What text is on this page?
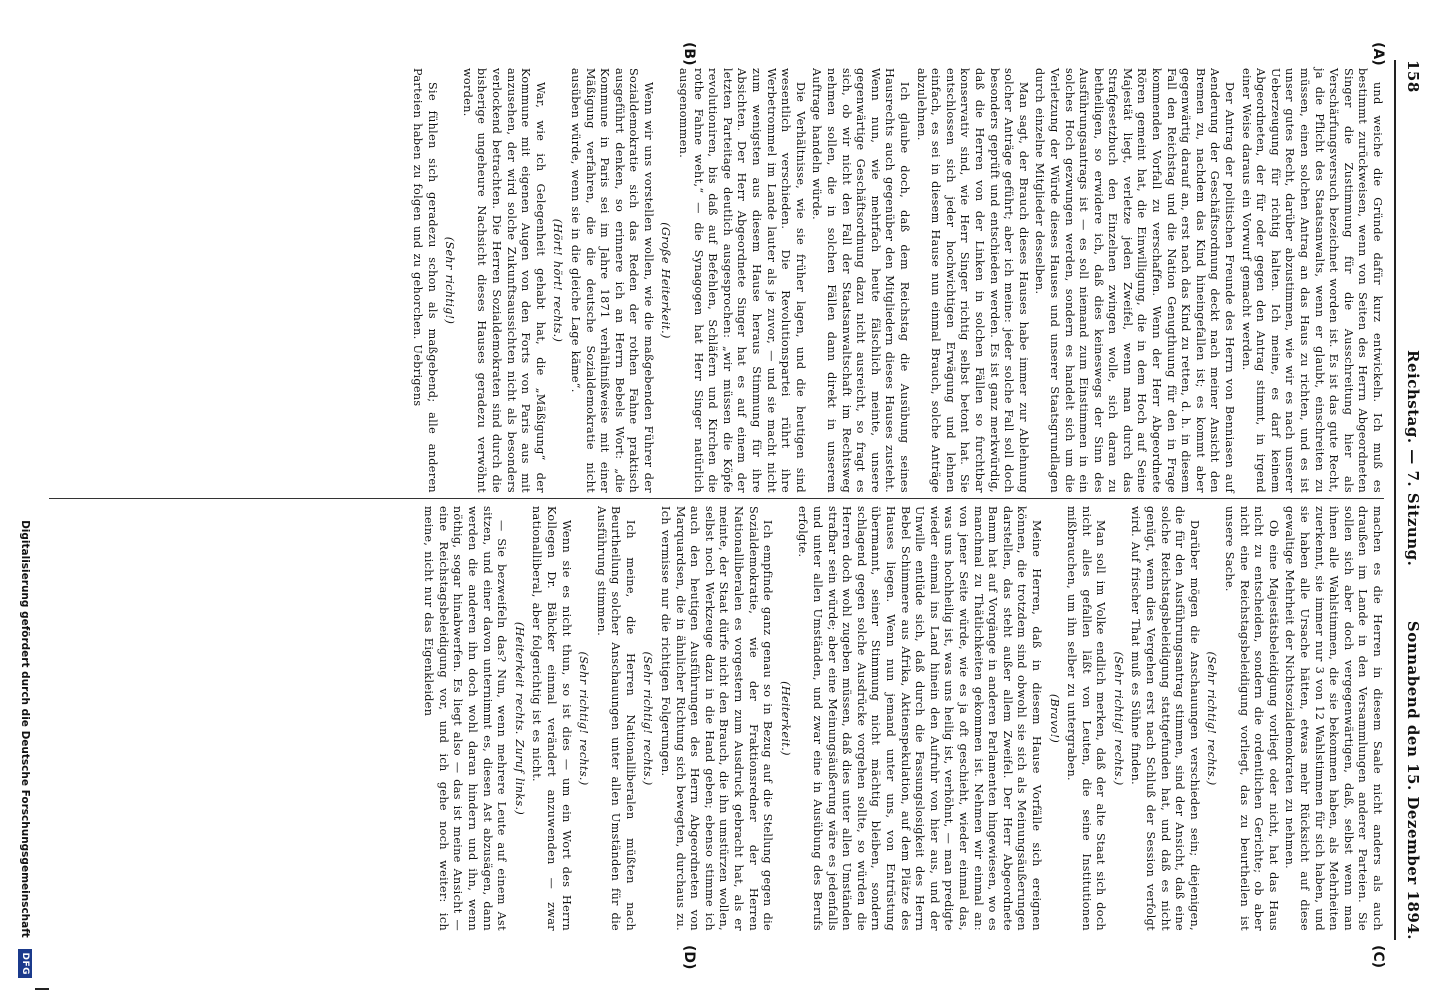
158
Reichstag. — 7. Sitzung.
Sonnabend den 15. Dezember 1894.
(A)
(B)
(C)
(D)

und weiche die Gründe dafür kurz entwickeln. Ich muß es bestimmt zurückweisen, wenn von Seiten des Herrn Abgeordneten Singer die Zustimmung für die Ausschreitung hier als Verschärfungsversuch bezeichnet worden ist. Es ist das gute Recht, ja die Pflicht des Staatsanwalts, wenn er glaubt, einschreiten zu müssen, einen solchen Antrag an das Haus zu richten, und es ist unser gutes Recht, darüber abzustimmen, wie wir es nach unserer Ueberzeugung für richtig halten. Ich meine, es darf keinem Abgeordneten, der für oder gegen den Antrag stimmt, in irgend einer Weise daraus ein Vorwurf gemacht werden.

Der Antrag der politischen Freunde des Herrn von Benniasen auf Aenderung der Geschäftsordnung deckt nach meiner Ansicht den Bremen zu, nachdem das Kind hineingefallen ist; es kommt aber gegenwärtig darauf an, erst nach das Kind zu retten, d. h. in diesem Fall den Reichstag und die Nation Genugthuung für den in Frage kommenden Vorfall zu verschaffen. Wenn der Herr Abgeordnete Rören gemeint hat, die Einwilligung, die in dem Hoch auf Seine Majestät liegt, verletze jeden Zweifel, wenn man durch das Strafgesetzbuch den Einzelnen zwingen wolle, sich daran zu betheiligen, so erwidere ich, daß dies keineswegs der Sinn des Ausführungsantrags ist — es soll niemand zum Einstimmen in ein solches Hoch gezwungen werden, sondern es handelt sich um die Verletzung der Würde dieses Hauses und unserer Staatsgrundlagen durch einzelne Mitglieder desselben.

Man sagt, der Brauch dieses Hauses habe immer zur Ablehnung solcher Anträge geführt; aber ich meine: jeder solche Fall soll doch besonders geprüft und entschieden werden. Es ist ganz merkwürdig, daß die Herren von der Linken in solchen Fällen so furchtbar konservativ sind, wie Herr Singer richtig selbst betont hat. Sie entschlossen sich jeder hochwichtigen Erwägung und lehnen einfach, es sei in diesem Hause nun einmal Brauch, solche Anträge abzulehnen.

Ich glaube doch, daß dem Reichstag die Ausübung seines Hausrechts auch gegenüber den Mitgliedern dieses Hauses zusteht. Wenn nun, wie mehrfach heute fälschlich meinte, unsere gegenwärtige Geschäftsordnung dazu nicht ausreicht, so fragt es sich, ob wir nicht den Fall der Staatsanwaltschaft im Rechtsweg nehmen sollen, die in solchen Fällen dann direkt in unserem Auftrage handeln würde.

Die Verhältnisse, wie sie früher lagen, und die heutigen sind wesentlich verschieden. Die Revolutionspartei rührt ihre Werbetrommel im Lande lauter als je zuvor, — und sie macht nicht zum wenigsten aus diesem Hause heraus Stimmung für ihre Absichten. Der Herr Abgeordnete Singer hat es auf einem der letzten Parteitage deutlich ausgesprochen: „wir müssen die Köpfe revolutioniren, bis daß auf Befehlen, Schläfern und Kirchen die rothe Fahne weht,“ — die Synagogen hat Herr Singer natürlich ausgenommen.

(Große Heiterkeit.)

Wenn wir uns vorstellen wollen, wie die maßgebenden Führer der Sozialdemokratie sich das Reden der rothen Fahne praktisch ausgeführt denken, so erinnere ich an Herrn Bebels Wort: „die Kommune in Paris sei im Jahre 1871 verhältnißweise mit einer Mäßigung verfahren, die die deutsche Sozialdemokratie nicht ausüben würde, wenn sie in die gleiche Lage käme“.

(Hört! hört! rechts.)

War, wie ich Gelegenheit gehabt hat, die „Mäßigung“ der Kommune mit eigenen Augen von den Forts von Paris aus mit anzusehen, der wird solche Zukunftsaussichten nicht als besonders verlockend betrachten. Die Herren Sozialdemokraten sind durch die bisherige ungeheure Nachsicht dieses Hauses geradezu verwöhnt worden.

(Sehr richtig!)

Sie fühlen sich geradezu schon als maßgebend; alle anderen Parteien haben zu folgen und zu gehorchen. Uebrigens

machen es die Herren in diesem Saale nicht anders als auch draußen im Lande in den Versammlungen anderer Parteien. Sie sollen sich aber doch vergegenwärtigen, daß, selbst wenn man ihnen alle Wahlstimmen, die sie bekommen haben, als Mehrheiten zuerkennt, sie immer nur 3 von 12 Wahlstimmen für sich haben, und sie haben alle Ursache hätten, etwas mehr Rücksicht auf diese gewaltige Mehrheit der Nichtsozialdemokraten zu nehmen.

Ob eine Majestätsbeleidigung vorliegt oder nicht, hat das Haus nicht zu entscheiden, sondern die ordentlichen Gerichte; ob aber nicht eine Reichstagsbeleidigung vorliegt, das zu beurtheilen ist unsere Sache.

(Sehr richtig! rechts.)

Darüber mögen die Anschauungen verschieden sein; diejenigen, die für den Ausführungsantrag stimmen, sind der Ansicht, daß eine solche Reichstagsbeleidigung stattgefunden hat, und daß es nicht genügt, wenn dies Vergehen erst nach Schluß der Session verfolgt wird. Auf frischer That muß es Sühne finden.

(Sehr richtig! rechts.)

Man soll im Volke endlich merken, daß der alte Staat sich doch nicht alles gefallen läßt von Leuten, die seine Institutionen mißbrauchen, um ihn selber zu untergraben.

(Bravo!)

Meine Herren, daß in diesem Hause Vorfälle sich ereignen können, die trotzdem sind obwohl sie sich als Meinungsäußerungen darstellen, das steht außer allem Zweifel. Der Herr Abgeordnete Bamm hat auf Vorgänge in anderen Parlamenten hingewiesen, wo es manchmal zu Thätlichkeiten gekommen ist. Nehmen wir einmal an: von jener Seite würde, wie es ja oft geschieht, wieder einmal das, was uns hochheilig ist, was uns heilig ist, verhöhnt, — man predigte wieder einmal ins Land hinein den Aufruhr von hier aus, und der Unwille entlüde sich, daß durch die Fassungslosigkeit des Herrn Bebel Schimmere aus Afrika, Aktienspekulation, auf dem Plätze des Hauses liegen. Wenn nun jemand unter uns, von Entrüstung übermannt, seiner Stimmung nicht mächtig bleiben, sondern schlagend gegen solche Ausdrücke vorgehen sollte, so würden die Herren doch wohl zugeben müssen, daß dies unter allen Umständen strafbar sein würde; aber eine Meinungsäußerung wäre es jedenfalls und unter allen Umständen, und zwar eine in Ausübung des Berufs erfolgte.

(Heiterkeit.)

Ich empfinde ganz genau so in Bezug auf die Stellung gegen die Sozialdemokratie, wie der Fraktionsredner der Herren Nationalliberalen es vorgestern zum Ausdruck gebracht hat, als er meinte, der Staat dürfe nicht den Brauch, die ihn umstürzen wollen, selbst noch Werkzeuge dazu in die Hand geben; ebenso stimme ich auch den heutigen Ausführungen des Herrn Abgeordneten von Marquardsen, die in ähnlicher Richtung sich bewegten, durchaus zu. Ich vermisse nur die richtigen Folgerungen.

(Sehr richtig! rechts.)

Ich meine, die Herren Nationalliberalen müßten nach Beurtheilung solcher Anschauungen unter allen Umständen für die Ausführung stimmen.

(Sehr richtig! rechts.)

Wenn sie es nicht thun, so ist dies — um ein Wort des Herrn Kollegen Dr. Bähcker einmal verändert anzuwenden — zwar nationalliberal, aber folgerichtig ist es nicht.

(Heiterkeit rechts. Zuruf links.)

— Sie bezweifeln das? Nun, wenn mehrere Leute auf einem Ast sitzen, und einer davon unternimmt es, diesen Ast abzusägen, dann werden die anderen ihn doch wohl daran hindern und ihn, wenn nöthig, sogar hinabwerfen. Es liegt also — das ist meine Ansicht — eine Reichstagsbeleidigung vor, und ich gehe noch weiter: ich meine, nicht nur das Eigenkleiden

Digitalisierung gefördert durch die Deutsche Forschungsgemeinschaft DFG
